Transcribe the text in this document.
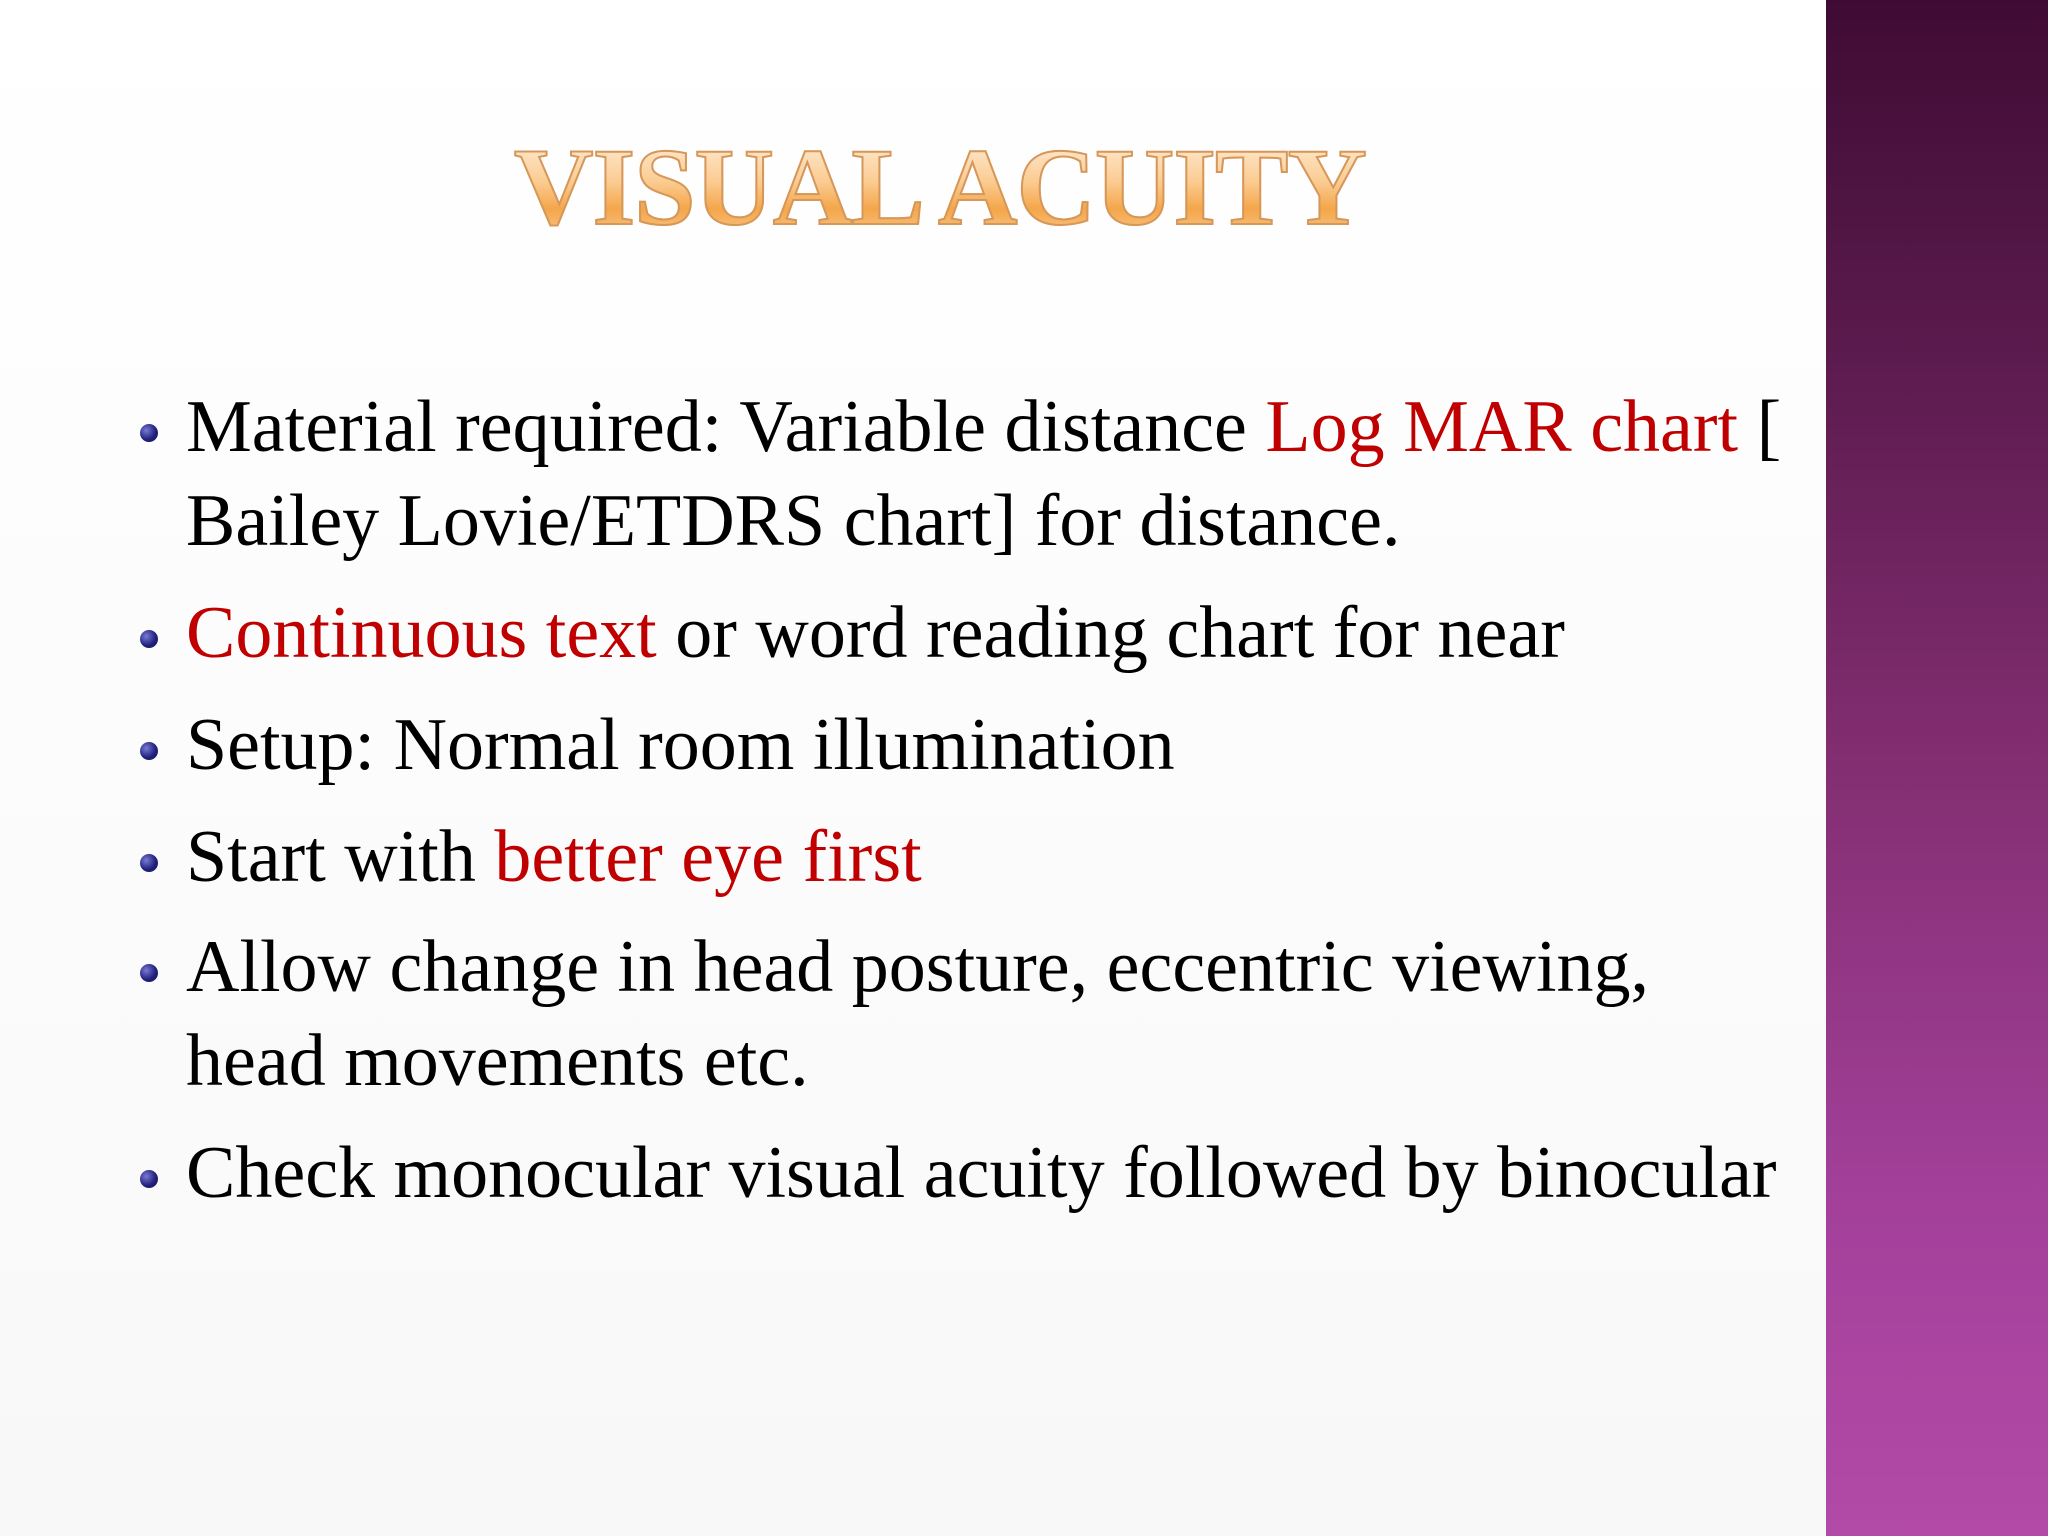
VISUAL ACUITY
Material required: Variable distance Log MAR chart [ Bailey Lovie/ETDRS chart] for distance.
Continuous text or word reading chart for near
Setup: Normal room illumination
Start with better eye first
Allow change in head posture, eccentric viewing, head movements etc.
Check monocular visual acuity followed by binocular
